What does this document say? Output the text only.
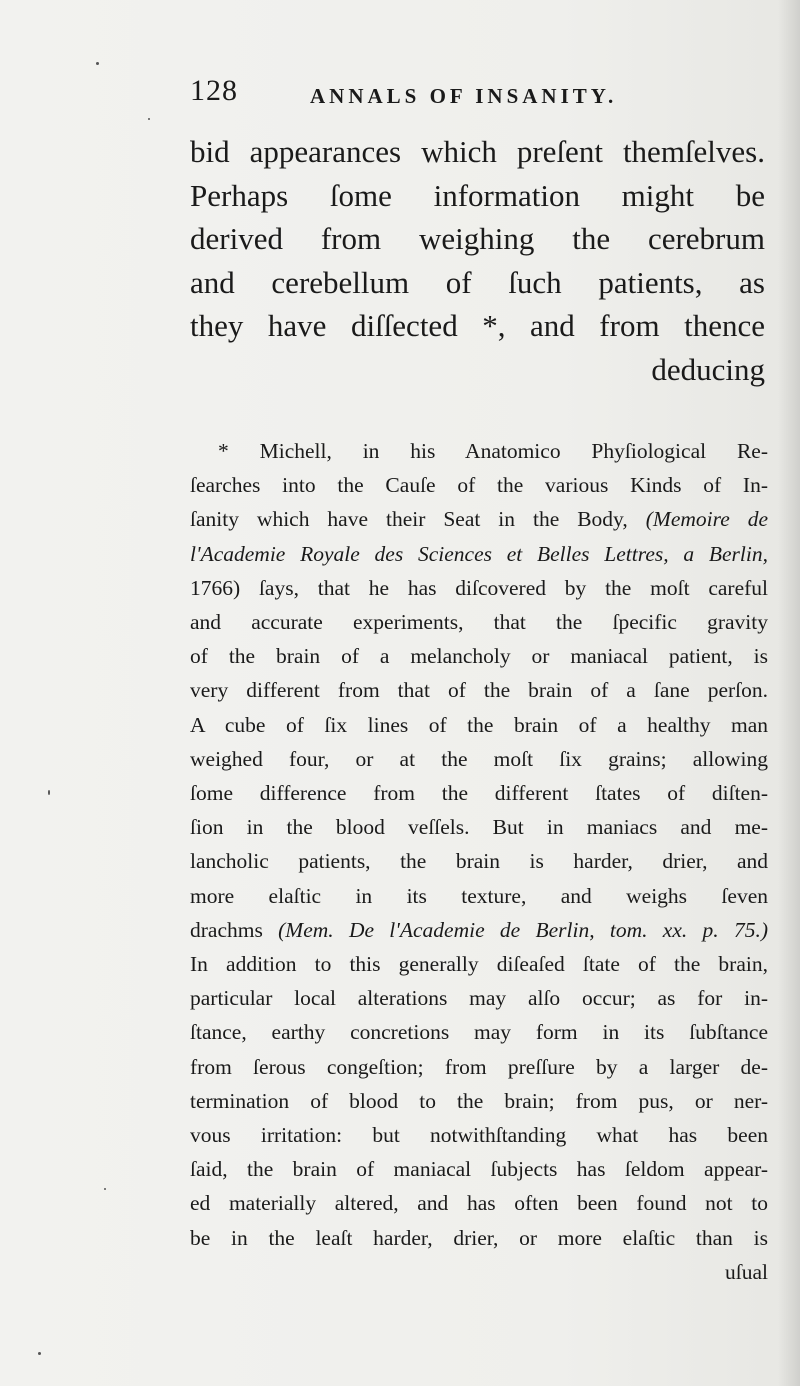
128	ANNALS OF INSANITY.
bid appearances which preſent themſelves.
Perhaps ſome information might be
derived from weighing the cerebrum
and cerebellum of ſuch patients, as
they have diſſected *, and from thence
deducing
* Michell, in his Anatomico Phyſiological Re-
ſearches into the Cauſe of the various Kinds of In-
ſanity which have their Seat in the Body, (Memoire de
l'Academie Royale des Sciences et Belles Lettres, a Berlin,
1766) ſays, that he has diſcovered by the moſt careful
and accurate experiments, that the ſpecific gravity
of the brain of a melancholy or maniacal patient, is
very different from that of the brain of a ſane perſon.
A cube of ſix lines of the brain of a healthy man
weighed four, or at the moſt ſix grains; allowing
ſome difference from the different ſtates of diſten-
ſion in the blood veſſels. But in maniacs and me-
lancholic patients, the brain is harder, drier, and
more elaſtic in its texture, and weighs ſeven
drachms (Mem. De l'Academie de Berlin, tom. xx. p. 75.)
In addition to this generally diſeaſed ſtate of the brain,
particular local alterations may alſo occur; as for in-
ſtance, earthy concretions may form in its ſubſtance
from ſerous congeſtion; from preſſure by a larger de-
termination of blood to the brain; from pus, or ner-
vous irritation: but notwithſtanding what has been
ſaid, the brain of maniacal ſubjects has ſeldom appear-
ed materially altered, and has often been found not to
be in the leaſt harder, drier, or more elaſtic than is
uſual
